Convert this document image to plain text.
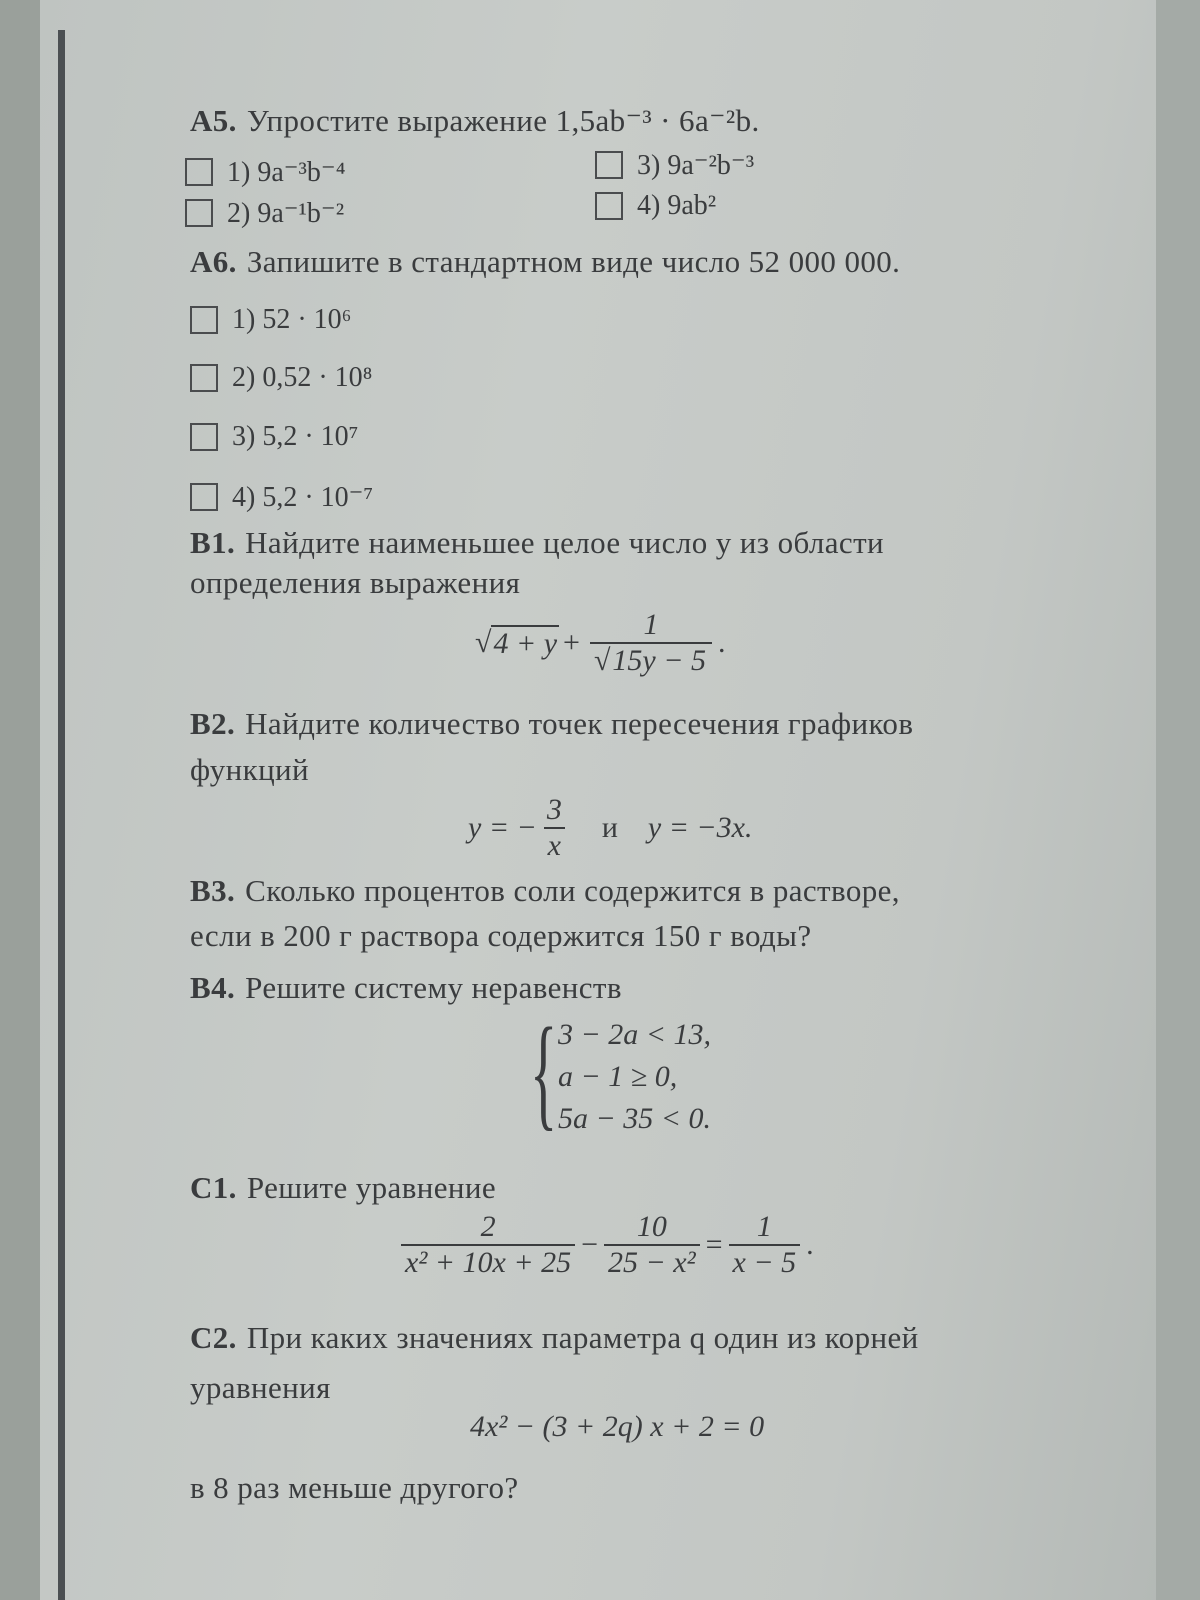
А5. Упростите выражение 1,5ab⁻³ · 6a⁻²b.
1) 9a⁻³b⁻⁴
2) 9a⁻¹b⁻²
3) 9a⁻²b⁻³
4) 9ab²
А6. Запишите в стандартном виде число 52 000 000.
1) 52 · 10⁶
2) 0,52 · 10⁸
3) 5,2 · 10⁷
4) 5,2 · 10⁻⁷
В1. Найдите наименьшее целое число y из области
определения выражения
√ $4 + y + \frac{1}{√15y - 5}$ .
В2. Найдите количество точек пересечения графиков
функций
y = − $\frac{3}{x}$ и y = −3x.
В3. Сколько процентов соли содержится в растворе,
если в 200 г раствора содержится 150 г воды?
В4. Решите систему неравенств
{ 3 − 2a < 13,
a − 1 ≥ 0,
5a − 35 < 0.
С1. Решите уравнение
$\frac{2}{\text{x² + 10x + 25}} - \frac{10}{\text{25 − x²}} = \frac{1}{x - 5}$ .
С2. При каких значениях параметра q один из корней
уравнения
4x² − (3 + 2q) x + 2 = 0
в 8 раз меньше другого?
